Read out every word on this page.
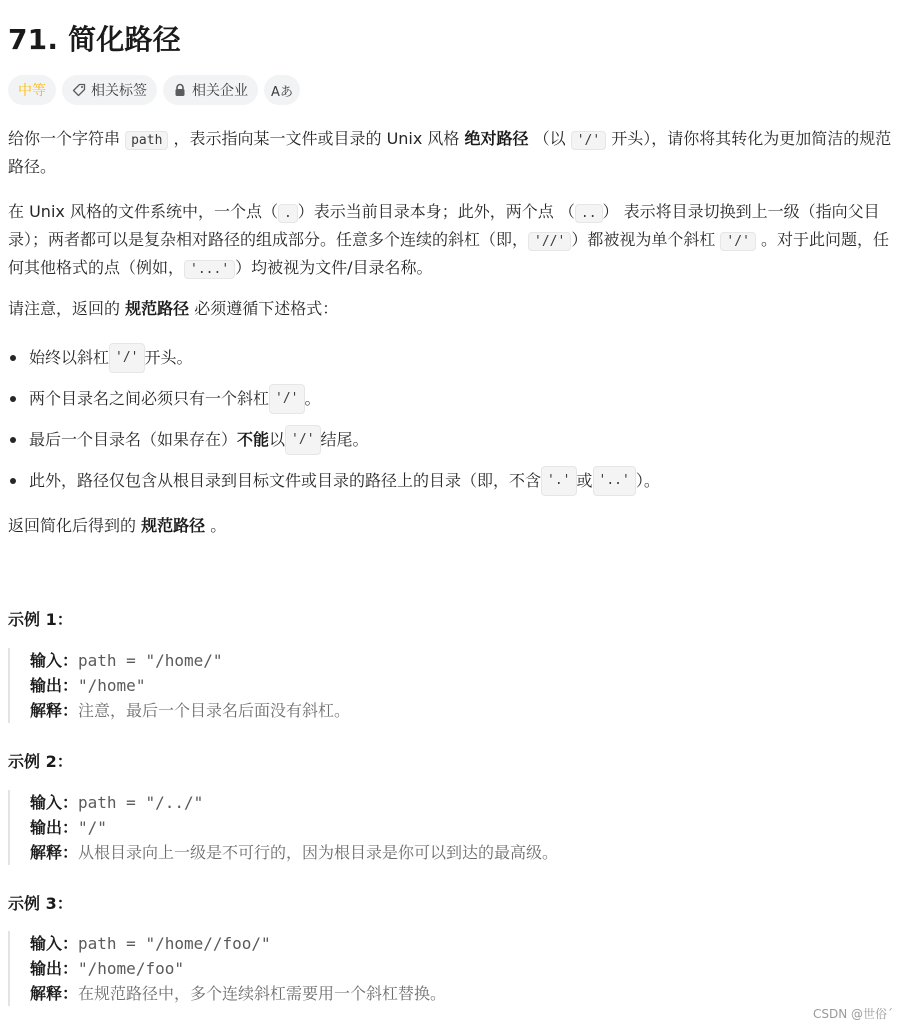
71. 简化路径
中等	相关标签	相关企业 Aあ

给你一个字符串 path ，表示指向某一文件或目录的 Unix 风格 绝对路径 （以 '/' 开头），请你将其转化为更加简洁的规范路径。

在 Unix 风格的文件系统中，一个点（ . ）表示当前目录本身；此外，两个点 （ .. ） 表示将目录切换到上一级（指向父目录）；两者都可以是复杂相对路径的组成部分。任意多个连续的斜杠（即， '//' ）都被视为单个斜杠 '/' 。对于此问题，任何其他格式的点（例如， '...' ）均被视为文件/目录名称。

请注意，返回的 规范路径 必须遵循下述格式：

始终以斜杠 '/' 开头。
两个目录名之间必须只有一个斜杠 '/' 。
最后一个目录名（如果存在） 不能 以 '/' 结尾。
此外，路径仅包含从根目录到目标文件或目录的路径上的目录（即，不含 '.' 或 '..' ）。

返回简化后得到的 规范路径 。

示例 1：
输入：path = "/home/"
输出："/home"
解释：注意，最后一个目录名后面没有斜杠。
示例 2：
输入：path = "/../"
输出："/"
解释：从根目录向上一级是不可行的，因为根目录是你可以到达的最高级。
示例 3：
输入：path = "/home//foo/"
输出："/home/foo"
解释：在规范路径中，多个连续斜杠需要用一个斜杠替换。
CSDN @世俗ˊ
